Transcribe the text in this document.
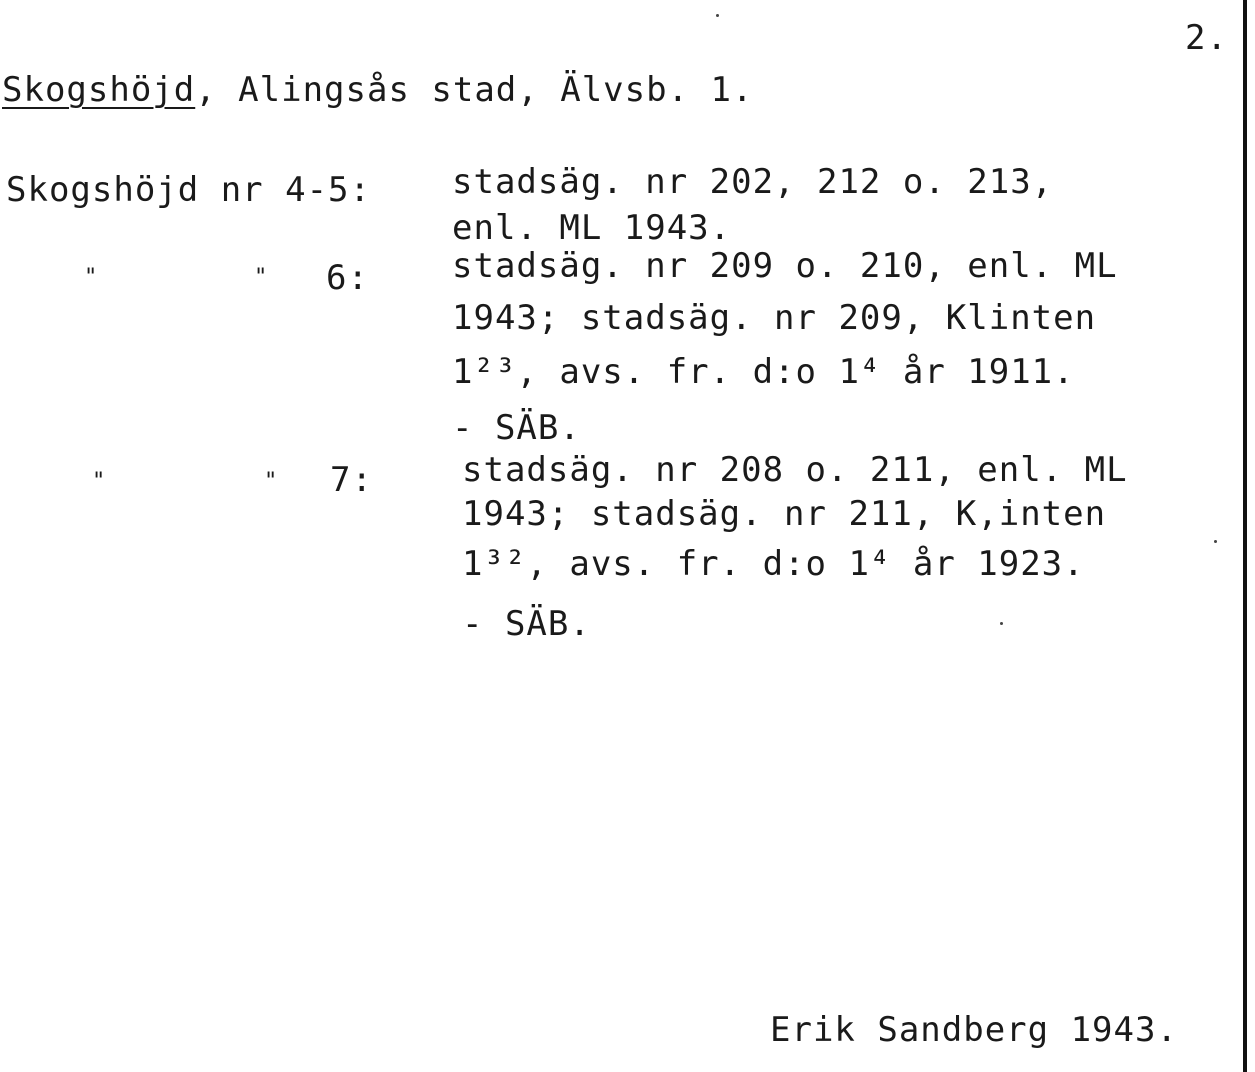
2.
Skogshöjd, Alingsås stad, Älvsb. 1.
Skogshöjd nr 4-5: stadsäg. nr 202, 212 o. 213,
enl. ML 1943.
"	" 6: stadsäg. nr 209 o. 210, enl. ML
1943; stadsäg. nr 209, Klinten
1²³, avs. fr. d:o 1⁴ år 1911.
- SÄB.
"	" 7:	stadsäg. nr 208 o. 211, enl. ML
1943; stadsäg. nr 211, K,inten
1³², avs. fr. d:o 1⁴ år 1923.
- SÄB.
Erik Sandberg 1943.
